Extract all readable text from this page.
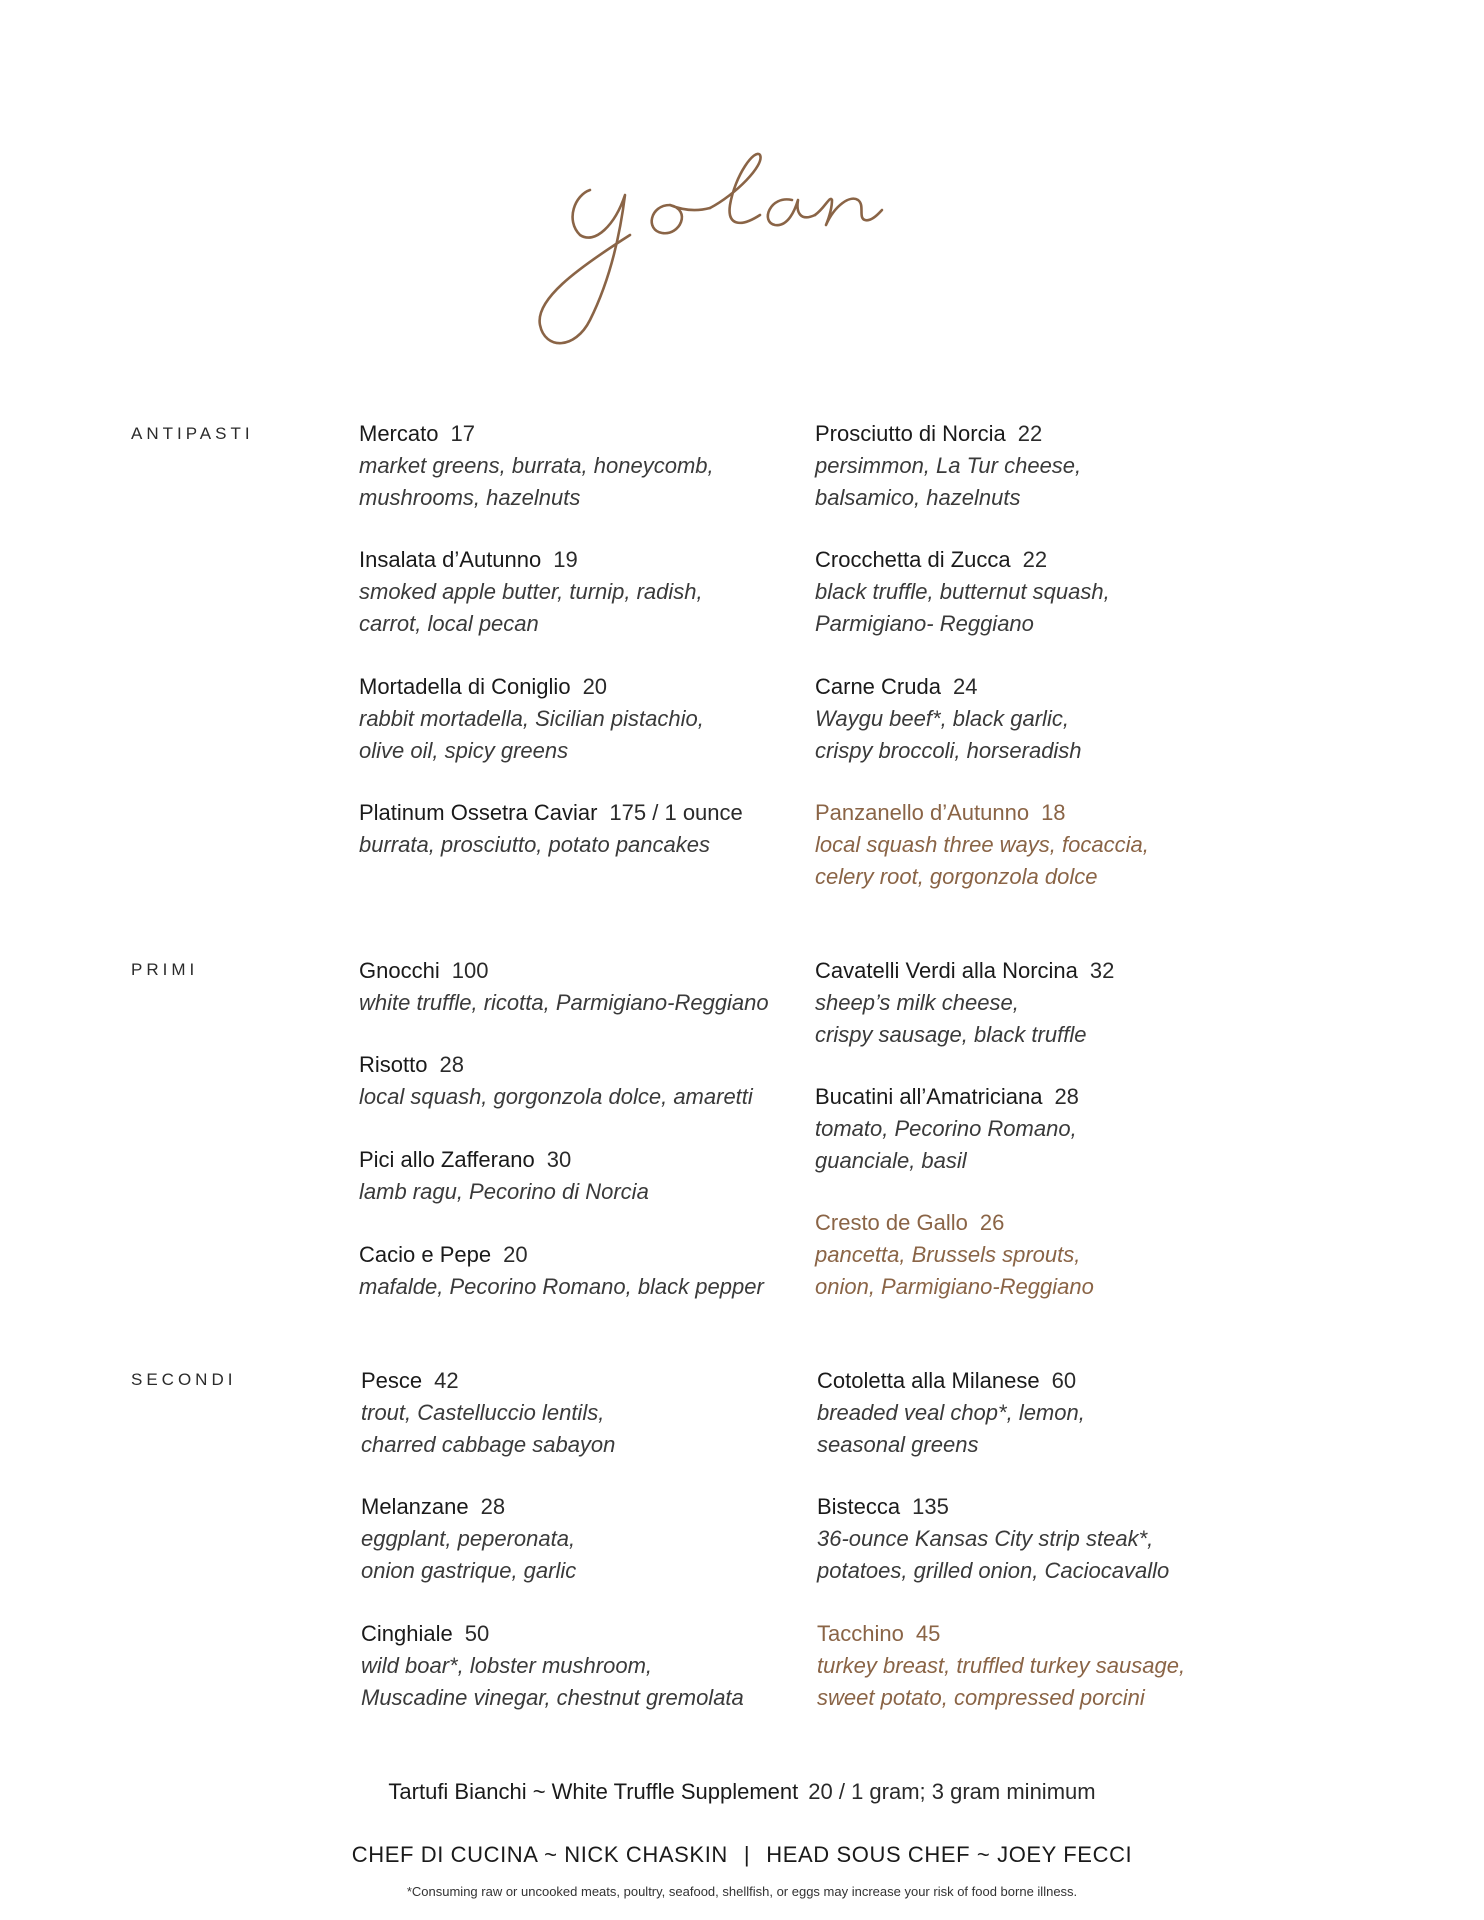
ANTIPASTI
PRIMI
SECONDI
Mercato 17
market greens, burrata, honeycomb,
mushrooms, hazelnuts
Insalata d’Autunno 19
smoked apple butter, turnip, radish,
carrot, local pecan
Mortadella di Coniglio 20
rabbit mortadella, Sicilian pistachio,
olive oil, spicy greens
Platinum Ossetra Caviar 175 / 1 ounce
burrata, prosciutto, potato pancakes
Prosciutto di Norcia 22
persimmon, La Tur cheese,
balsamico, hazelnuts
Crocchetta di Zucca 22
black truffle, butternut squash,
Parmigiano- Reggiano
Carne Cruda 24
Waygu beef*, black garlic,
crispy broccoli, horseradish
Panzanello d’Autunno 18
local squash three ways, focaccia,
celery root, gorgonzola dolce
Gnocchi 100
white truffle, ricotta, Parmigiano-Reggiano
Risotto 28
local squash, gorgonzola dolce, amaretti
Pici allo Zafferano 30
lamb ragu, Pecorino di Norcia
Cacio e Pepe 20
mafalde, Pecorino Romano, black pepper
Cavatelli Verdi alla Norcina 32
sheep’s milk cheese,
crispy sausage, black truffle
Bucatini all’Amatriciana 28
tomato, Pecorino Romano,
guanciale, basil
Cresto de Gallo 26
pancetta, Brussels sprouts,
onion, Parmigiano-Reggiano
Pesce 42
trout, Castelluccio lentils,
charred cabbage sabayon
Melanzane 28
eggplant, peperonata,
onion gastrique, garlic
Cinghiale 50
wild boar*, lobster mushroom,
Muscadine vinegar, chestnut gremolata
Cotoletta alla Milanese 60
breaded veal chop*, lemon,
seasonal greens
Bistecca 135
36-ounce Kansas City strip steak*,
potatoes, grilled onion, Caciocavallo
Tacchino 45
turkey breast, truffled turkey sausage,
sweet potato, compressed porcini
Tartufi Bianchi ~ White Truffle Supplement 20 / 1 gram; 3 gram minimum
CHEF DI CUCINA ~ NICK CHASKIN | HEAD SOUS CHEF ~ JOEY FECCI
*Consuming raw or uncooked meats, poultry, seafood, shellfish, or eggs may increase your risk of food borne illness.
